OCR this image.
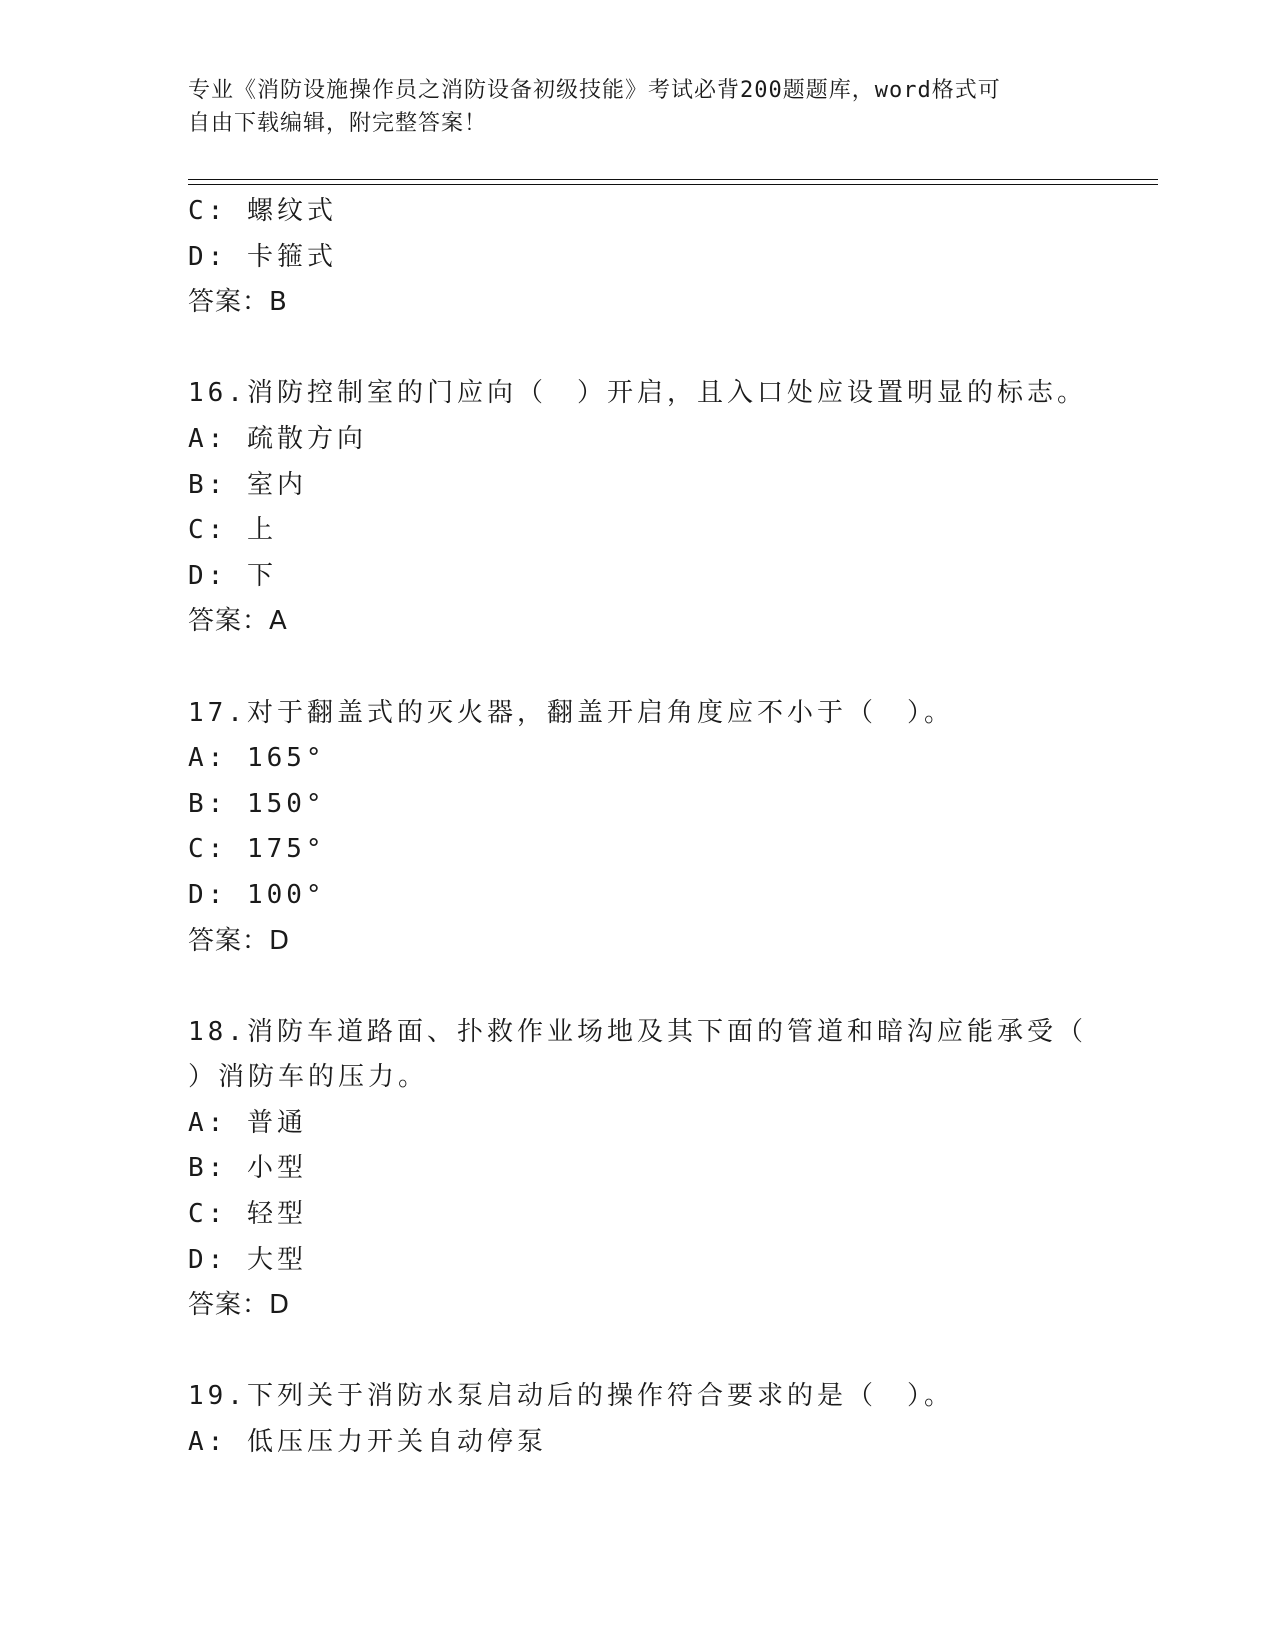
专业《消防设施操作员之消防设备初级技能》考试必背200题题库，word格式可
自由下载编辑，附完整答案！
C: 螺纹式
D: 卡箍式
答案：B
16.消防控制室的门应向（　）开启，且入口处应设置明显的标志。
A: 疏散方向
B: 室内
C: 上
D: 下
答案：A
17.对于翻盖式的灭火器，翻盖开启角度应不小于（　）。
A: 165°
B: 150°
C: 175°
D: 100°
答案：D
18.消防车道路面、扑救作业场地及其下面的管道和暗沟应能承受（
）消防车的压力。
A: 普通
B: 小型
C: 轻型
D: 大型
答案：D
19.下列关于消防水泵启动后的操作符合要求的是（　）。
A: 低压压力开关自动停泵
